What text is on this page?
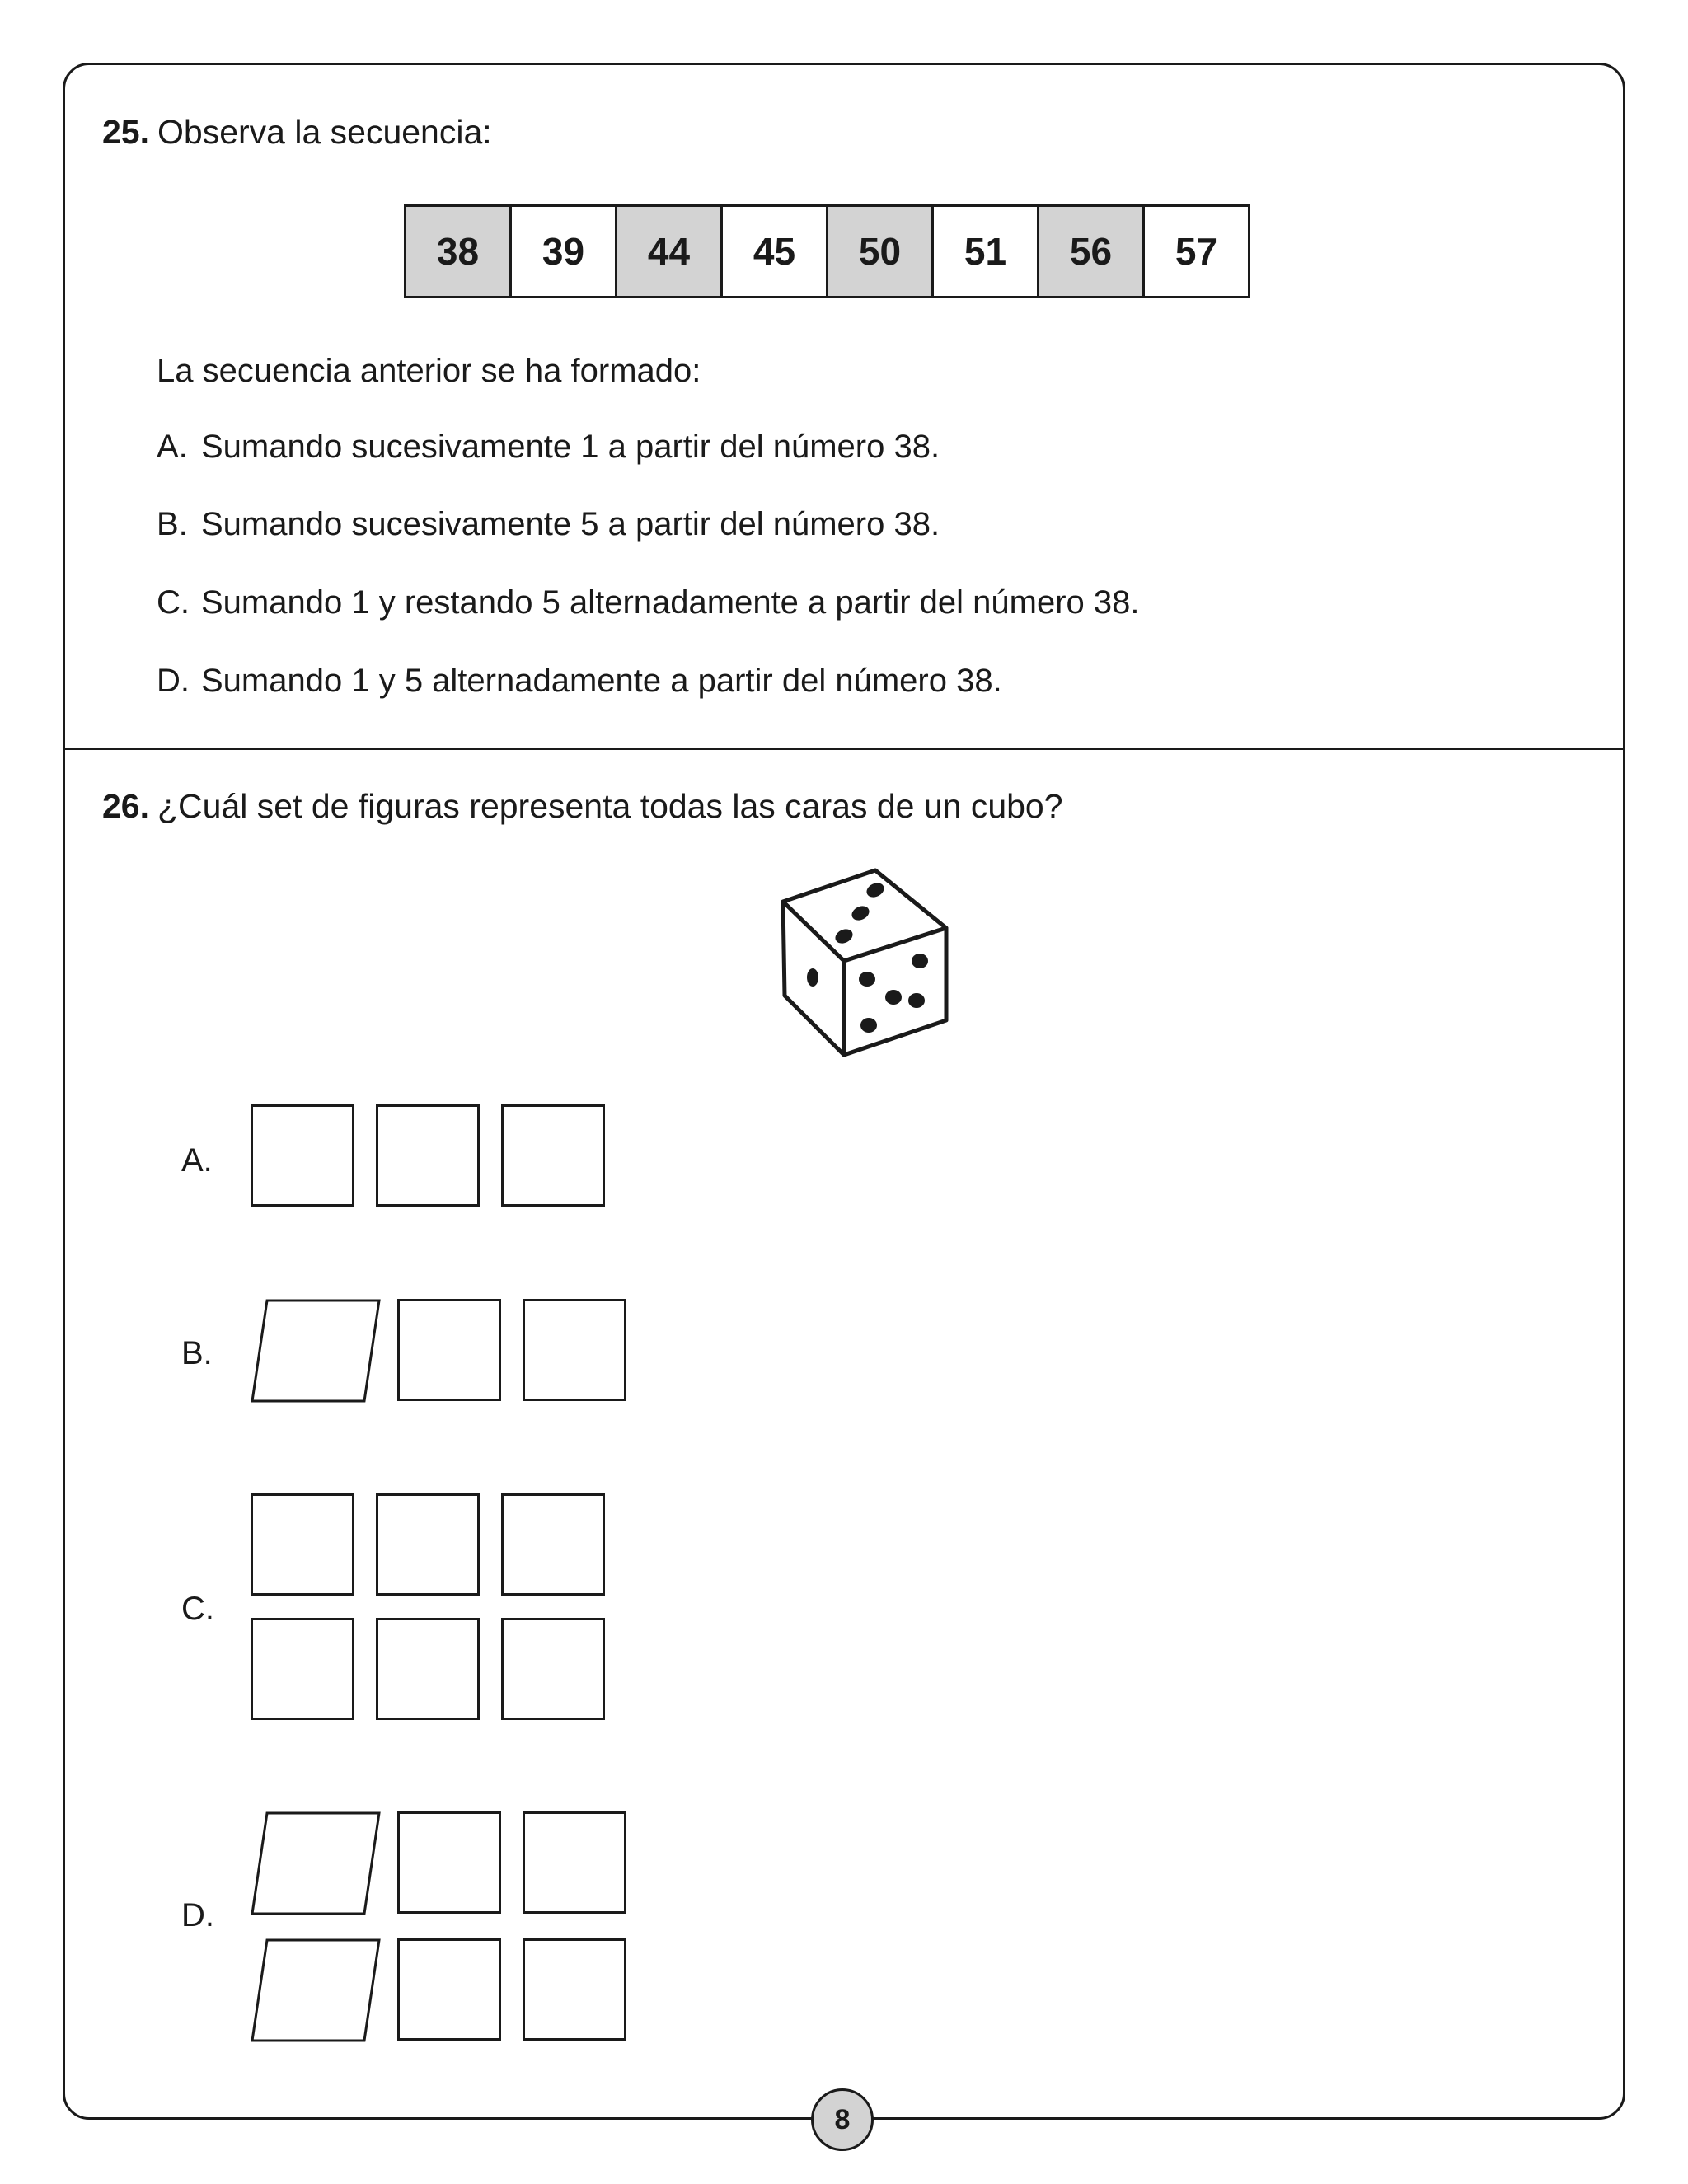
25. Observa la secuencia:
38	39	44	45	50	51	56	57
La secuencia anterior se ha formado:
A. Sumando sucesivamente 1 a partir del número 38.
B. Sumando sucesivamente 5 a partir del número 38.
C. Sumando 1 y restando 5 alternadamente a partir del número 38.
D. Sumando 1 y 5 alternadamente a partir del número 38.
26. ¿Cuál set de figuras representa todas las caras de un cubo?
A.
B.
C.
D.
8
